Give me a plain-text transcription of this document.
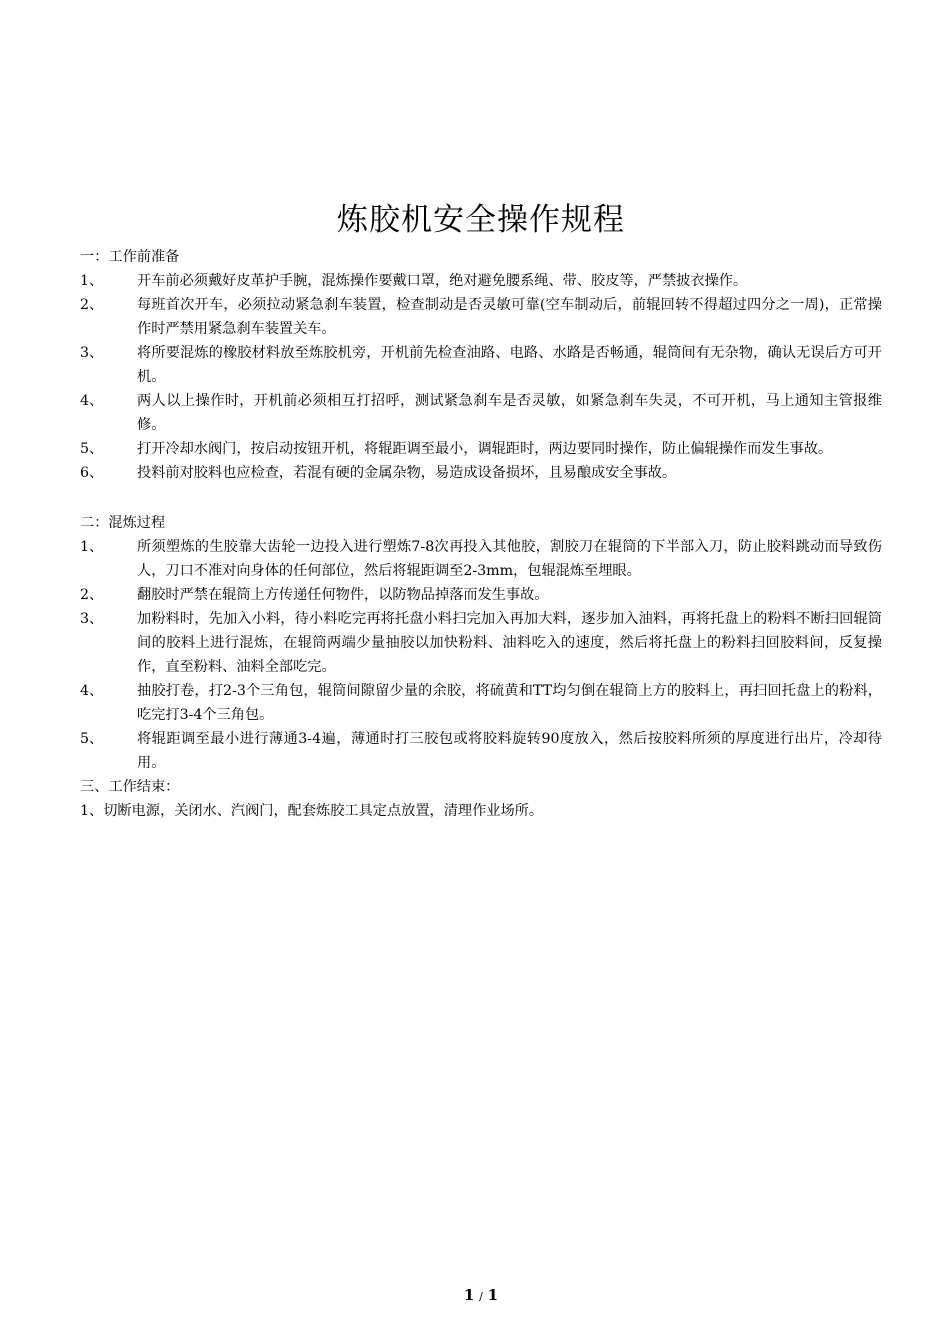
炼胶机安全操作规程
一：工作前准备
1、	开车前必须戴好皮革护手腕，混炼操作要戴口罩，绝对避免腰系绳、带、胶皮等，严禁披衣操作。
2、	每班首次开车，必须拉动紧急刹车装置，检查制动是否灵敏可靠(空车制动后，前辊回转不得超过四分之一周)，正常操作时严禁用紧急刹车装置关车。
3、	将所要混炼的橡胶材料放至炼胶机旁，开机前先检查油路、电路、水路是否畅通，辊筒间有无杂物，确认无误后方可开机。
4、	两人以上操作时，开机前必须相互打招呼，测试紧急刹车是否灵敏，如紧急刹车失灵，不可开机，马上通知主管报维修。
5、	打开冷却水阀门，按启动按钮开机，将辊距调至最小，调辊距时，两边要同时操作，防止偏辊操作而发生事故。
6、	投料前对胶料也应检查，若混有硬的金属杂物，易造成设备损坏，且易酿成安全事故。
二：混炼过程
1、	所须塑炼的生胶靠大齿轮一边投入进行塑炼7-8次再投入其他胶，割胶刀在辊筒的下半部入刀，防止胶料跳动而导致伤人，刀口不准对向身体的任何部位，然后将辊距调至2-3mm，包辊混炼至埋眼。
2、	翻胶时严禁在辊筒上方传递任何物件，以防物品掉落而发生事故。
3、	加粉料时，先加入小料，待小料吃完再将托盘小料扫完加入再加大料，逐步加入油料，再将托盘上的粉料不断扫回辊筒间的胶料上进行混炼，在辊筒两端少量抽胶以加快粉料、油料吃入的速度，然后将托盘上的粉料扫回胶料间，反复操作，直至粉料、油料全部吃完。
4、	抽胶打卷，打2-3个三角包，辊筒间隙留少量的余胶，将硫黄和TT均匀倒在辊筒上方的胶料上，再扫回托盘上的粉料，吃完打3-4个三角包。
5、	将辊距调至最小进行薄通3-4遍，薄通时打三胶包或将胶料旋转90度放入，然后按胶料所须的厚度进行出片，冷却待用。
三、工作结束：
1、切断电源，关闭水、汽阀门，配套炼胶工具定点放置，清理作业场所。
1 / 1
